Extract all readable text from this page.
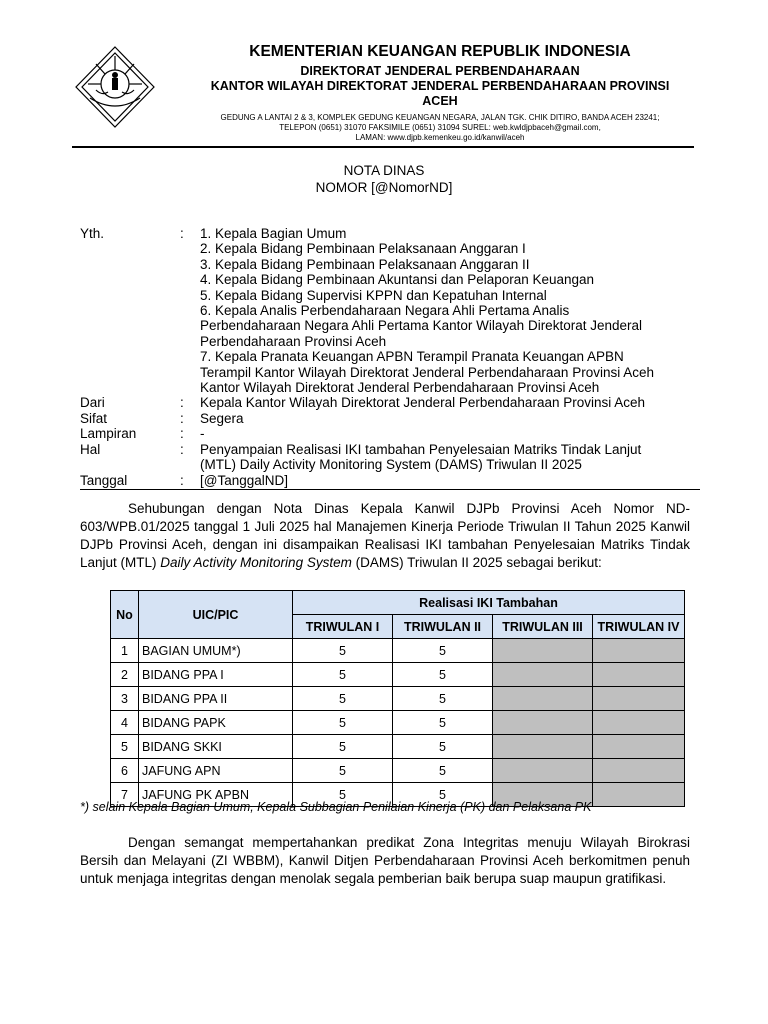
KEMENTERIAN KEUANGAN REPUBLIK INDONESIA
DIREKTORAT JENDERAL PERBENDAHARAAN
KANTOR WILAYAH DIREKTORAT JENDERAL PERBENDAHARAAN PROVINSI
ACEH
GEDUNG A LANTAI 2 & 3, KOMPLEK GEDUNG KEUANGAN NEGARA, JALAN TGK. CHIK DITIRO, BANDA ACEH 23241;
TELEPON (0651) 31070 FAKSIMILE (0651) 31094 SUREL: web.kwldjpbaceh@gmail.com,
LAMAN: www.djpb.kemenkeu.go.id/kanwil/aceh
NOTA DINAS
NOMOR [@NomorND]
Yth.	:	1. Kepala Bagian Umum
2. Kepala Bidang Pembinaan Pelaksanaan Anggaran I
3. Kepala Bidang Pembinaan Pelaksanaan Anggaran II
4. Kepala Bidang Pembinaan Akuntansi dan Pelaporan Keuangan
5. Kepala Bidang Supervisi KPPN dan Kepatuhan Internal
6. Kepala Analis Perbendaharaan Negara Ahli Pertama Analis
Perbendaharaan Negara Ahli Pertama Kantor Wilayah Direktorat Jenderal
Perbendaharaan Provinsi Aceh
7. Kepala Pranata Keuangan APBN Terampil Pranata Keuangan APBN
Terampil Kantor Wilayah Direktorat Jenderal Perbendaharaan Provinsi Aceh
Kantor Wilayah Direktorat Jenderal Perbendaharaan Provinsi Aceh
Dari	:	Kepala Kantor Wilayah Direktorat Jenderal Perbendaharaan Provinsi Aceh
Sifat	:	Segera
Lampiran	:	-
Hal	:	Penyampaian Realisasi IKI tambahan Penyelesaian Matriks Tindak Lanjut
(MTL) Daily Activity Monitoring System (DAMS) Triwulan II 2025
Tanggal	:	[@TanggalND]
Sehubungan dengan Nota Dinas Kepala Kanwil DJPb Provinsi Aceh Nomor ND-603/WPB.01/2025 tanggal 1 Juli 2025 hal Manajemen Kinerja Periode Triwulan II Tahun 2025 Kanwil DJPb Provinsi Aceh, dengan ini disampaikan Realisasi IKI tambahan Penyelesaian Matriks Tindak Lanjut (MTL) Daily Activity Monitoring System (DAMS) Triwulan II 2025 sebagai berikut:
No	UIC/PIC	Realisasi IKI Tambahan			
		TRIWULAN I	TRIWULAN II	TRIWULAN III	TRIWULAN IV
1	BAGIAN UMUM*)	5	5		
2	BIDANG PPA I	5	5		
3	BIDANG PPA II	5	5		
4	BIDANG PAPK	5	5		
5	BIDANG SKKI	5	5		
6	JAFUNG APN	5	5		
7	JAFUNG PK APBN	5	5		
*) selain Kepala Bagian Umum, Kepala Subbagian Penilaian Kinerja (PK) dan Pelaksana PK
Dengan semangat mempertahankan predikat Zona Integritas menuju Wilayah Birokrasi Bersih dan Melayani (ZI WBBM), Kanwil Ditjen Perbendaharaan Provinsi Aceh berkomitmen penuh untuk menjaga integritas dengan menolak segala pemberian baik berupa suap maupun gratifikasi.
